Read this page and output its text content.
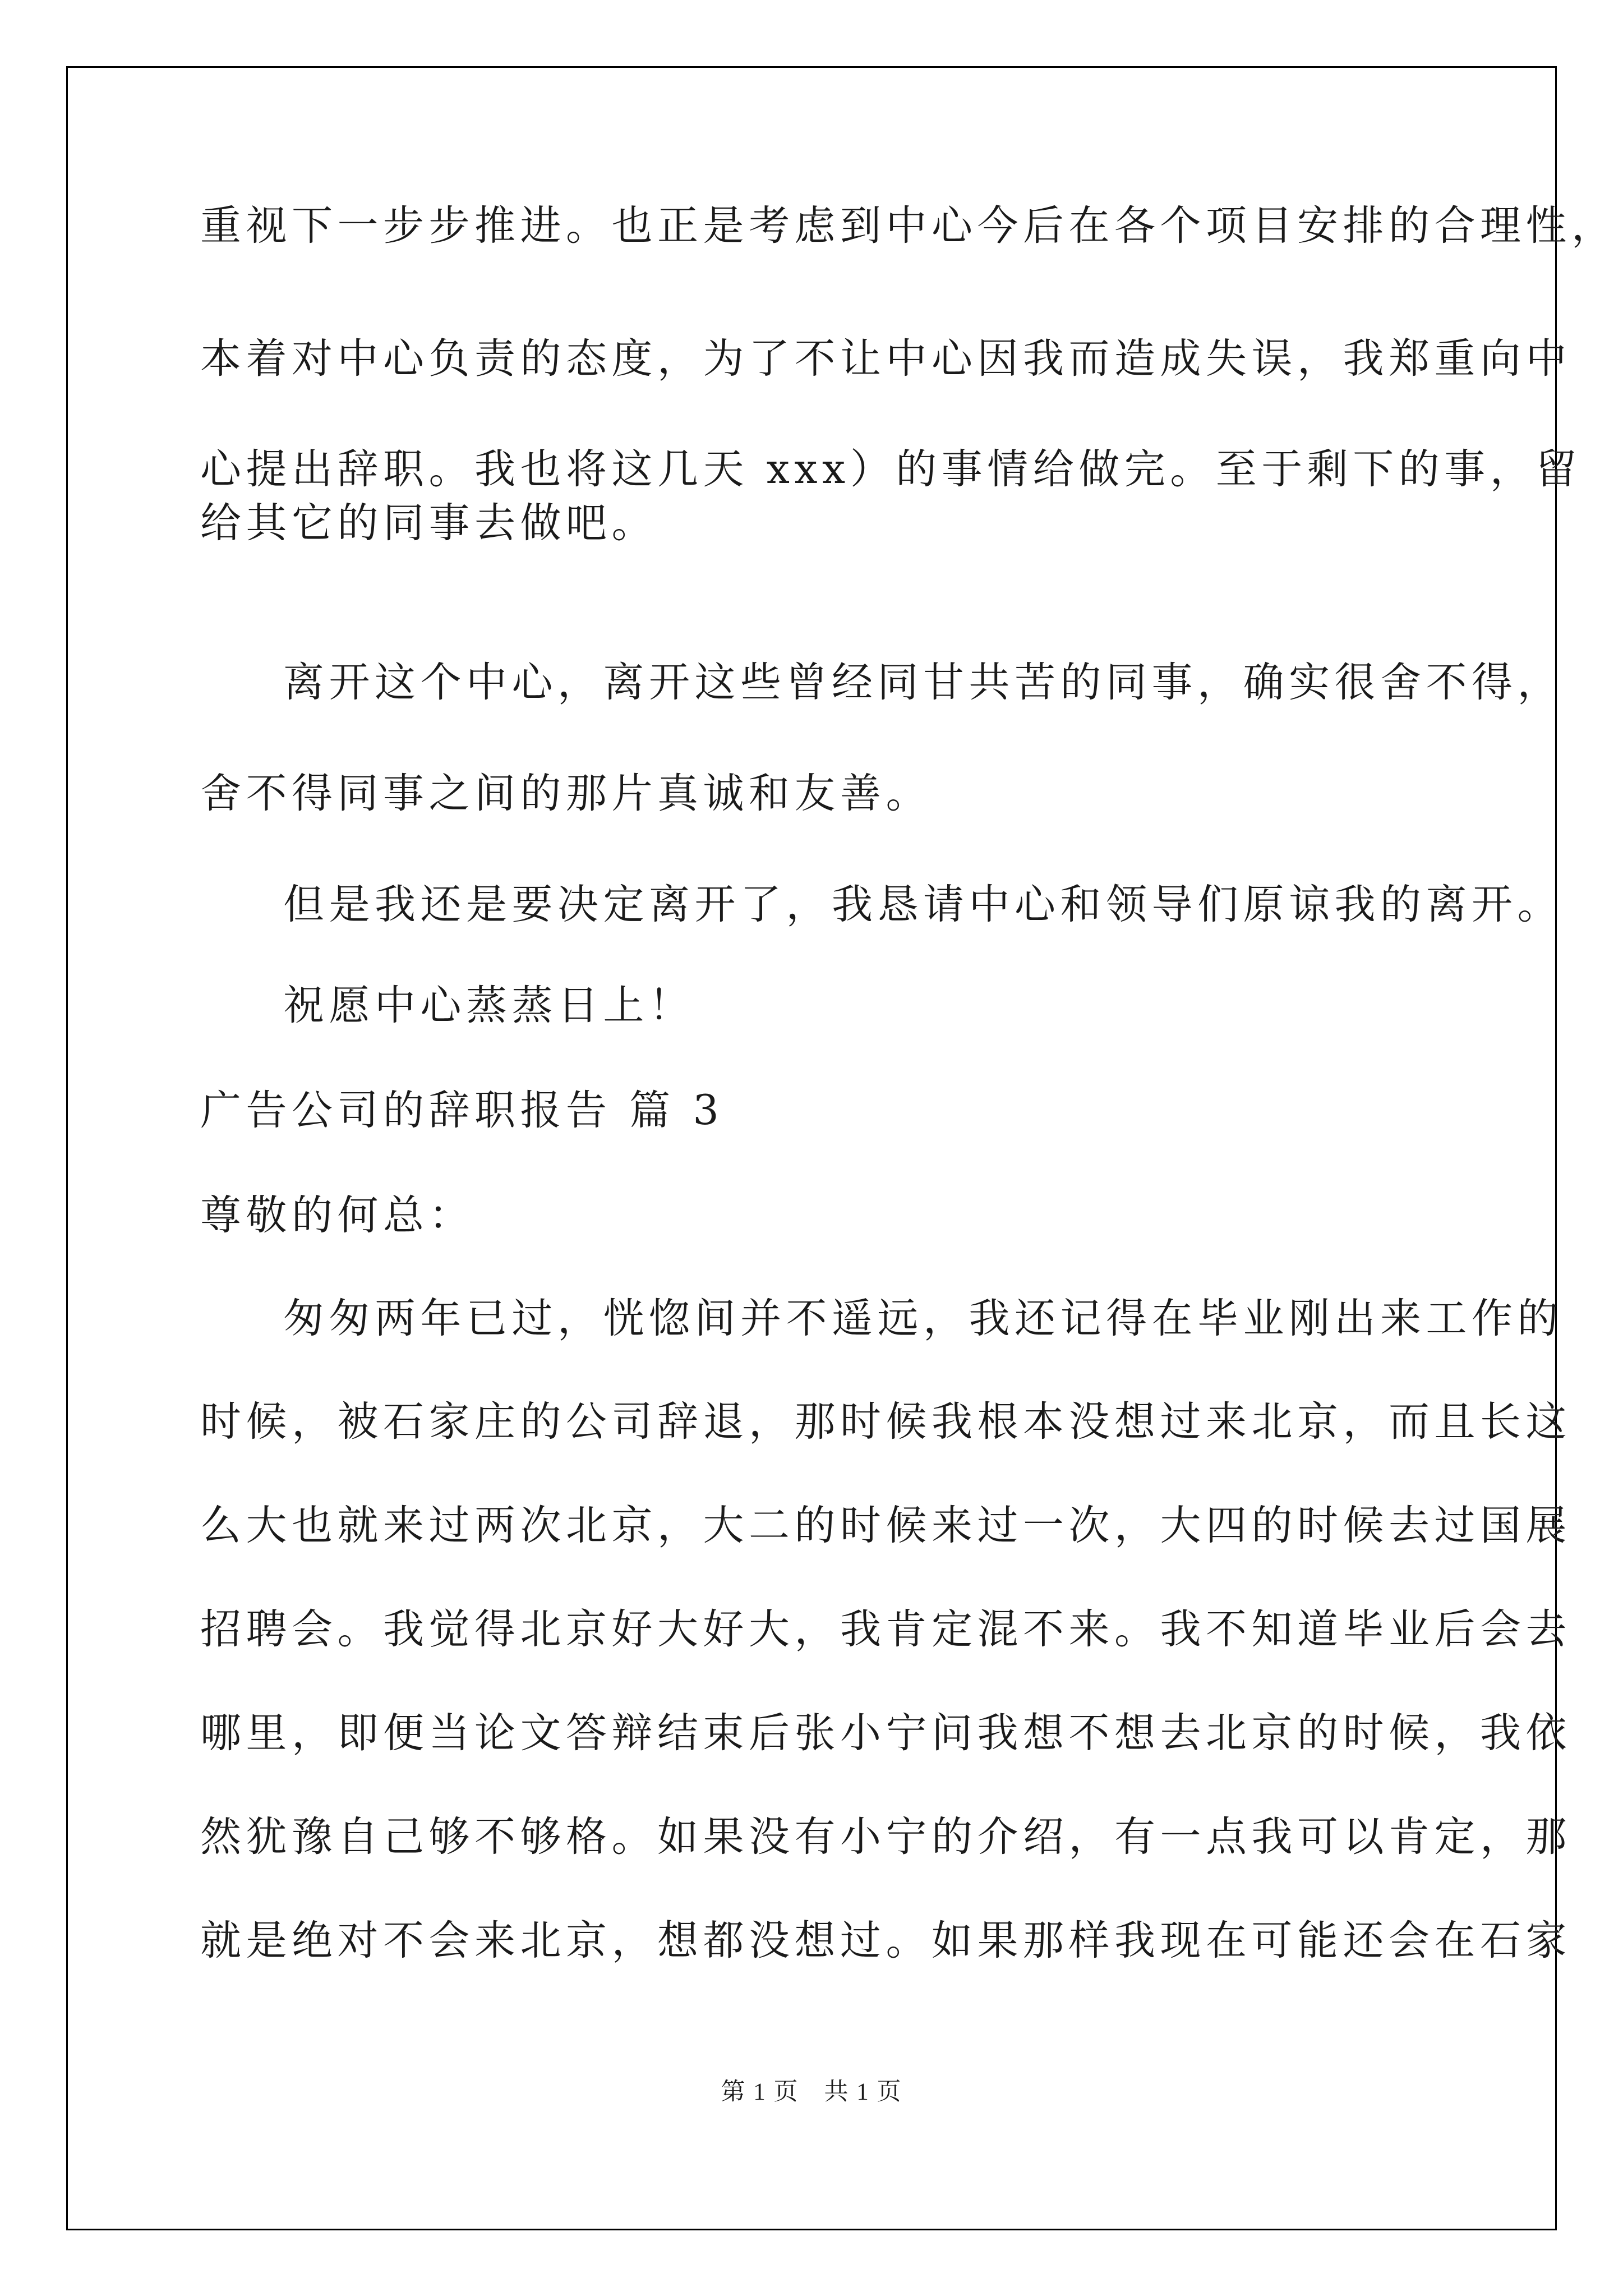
重视下一步步推进。也正是考虑到中心今后在各个项目安排的合理性，
本着对中心负责的态度，为了不让中心因我而造成失误，我郑重向中
心提出辞职。我也将这几天 xxx）的事情给做完。至于剩下的事，留
给其它的同事去做吧。
离开这个中心，离开这些曾经同甘共苦的同事，确实很舍不得，
舍不得同事之间的那片真诚和友善。
但是我还是要决定离开了，我恳请中心和领导们原谅我的离开。
祝愿中心蒸蒸日上！
广告公司的辞职报告 篇 3
尊敬的何总：
匆匆两年已过，恍惚间并不遥远，我还记得在毕业刚出来工作的
时候，被石家庄的公司辞退，那时候我根本没想过来北京，而且长这
么大也就来过两次北京，大二的时候来过一次，大四的时候去过国展
招聘会。我觉得北京好大好大，我肯定混不来。我不知道毕业后会去
哪里，即便当论文答辩结束后张小宁问我想不想去北京的时候，我依
然犹豫自己够不够格。如果没有小宁的介绍，有一点我可以肯定，那
就是绝对不会来北京，想都没想过。如果那样我现在可能还会在石家
第 1 页　共 1 页
